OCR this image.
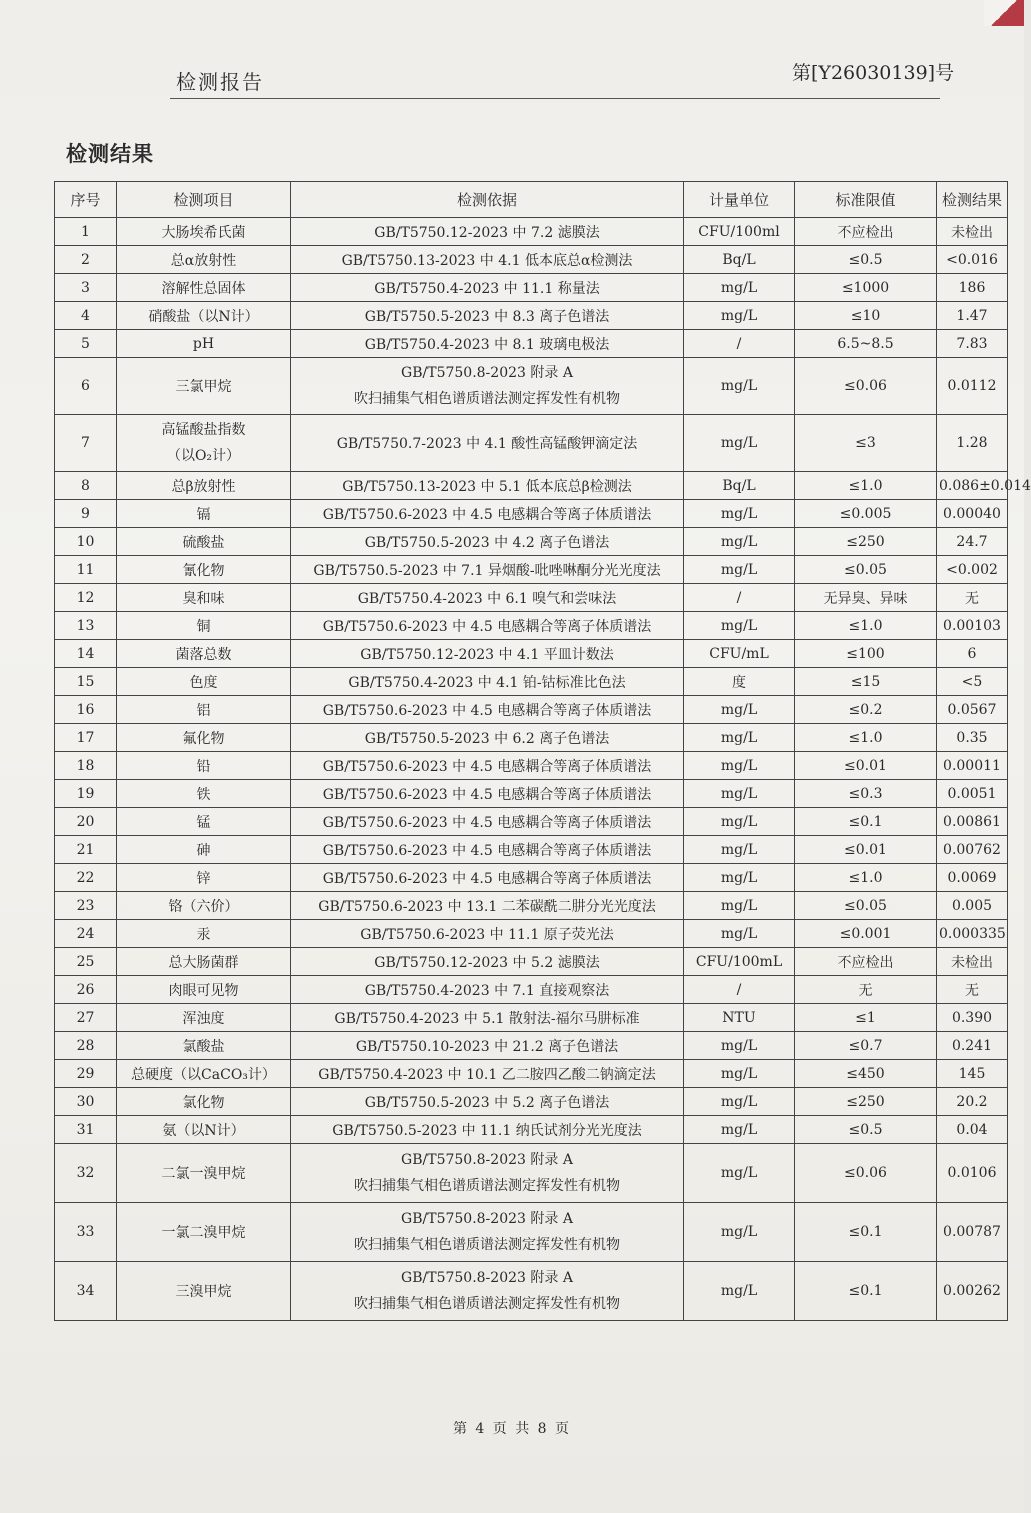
检测报告	第[Y26030139]号
检测结果
序号	检测项目	检测依据	计量单位	标准限值	检测结果
1	大肠埃希氏菌	GB/T5750.12-2023 中 7.2 滤膜法	CFU/100ml	不应检出	未检出
2	总α放射性	GB/T5750.13-2023 中 4.1 低本底总α检测法	Bq/L	≤0.5	<0.016
3	溶解性总固体	GB/T5750.4-2023 中 11.1 称量法	mg/L	≤1000	186
4	硝酸盐（以N计）	GB/T5750.5-2023 中 8.3 离子色谱法	mg/L	≤10	1.47
5	pH	GB/T5750.4-2023 中 8.1 玻璃电极法	/	6.5~8.5	7.83
6	三氯甲烷	GB/T5750.8-2023 附录 A
吹扫捕集气相色谱质谱法测定挥发性有机物	mg/L	≤0.06	0.0112
7	高锰酸盐指数
（以O₂计）	GB/T5750.7-2023 中 4.1 酸性高锰酸钾滴定法	mg/L	≤3	1.28
8	总β放射性	GB/T5750.13-2023 中 5.1 低本底总β检测法	Bq/L	≤1.0	0.086±0.014
9	镉	GB/T5750.6-2023 中 4.5 电感耦合等离子体质谱法	mg/L	≤0.005	0.00040
10	硫酸盐	GB/T5750.5-2023 中 4.2 离子色谱法	mg/L	≤250	24.7
11	氰化物	GB/T5750.5-2023 中 7.1 异烟酸-吡唑啉酮分光光度法	mg/L	≤0.05	<0.002
12	臭和味	GB/T5750.4-2023 中 6.1 嗅气和尝味法	/	无异臭、异味	无
13	铜	GB/T5750.6-2023 中 4.5 电感耦合等离子体质谱法	mg/L	≤1.0	0.00103
14	菌落总数	GB/T5750.12-2023 中 4.1 平皿计数法	CFU/mL	≤100	6
15	色度	GB/T5750.4-2023 中 4.1 铂-钴标准比色法	度	≤15	<5
16	铝	GB/T5750.6-2023 中 4.5 电感耦合等离子体质谱法	mg/L	≤0.2	0.0567
17	氟化物	GB/T5750.5-2023 中 6.2 离子色谱法	mg/L	≤1.0	0.35
18	铅	GB/T5750.6-2023 中 4.5 电感耦合等离子体质谱法	mg/L	≤0.01	0.00011
19	铁	GB/T5750.6-2023 中 4.5 电感耦合等离子体质谱法	mg/L	≤0.3	0.0051
20	锰	GB/T5750.6-2023 中 4.5 电感耦合等离子体质谱法	mg/L	≤0.1	0.00861
21	砷	GB/T5750.6-2023 中 4.5 电感耦合等离子体质谱法	mg/L	≤0.01	0.00762
22	锌	GB/T5750.6-2023 中 4.5 电感耦合等离子体质谱法	mg/L	≤1.0	0.0069
23	铬（六价）	GB/T5750.6-2023 中 13.1 二苯碳酰二肼分光光度法	mg/L	≤0.05	0.005
24	汞	GB/T5750.6-2023 中 11.1 原子荧光法	mg/L	≤0.001	0.000335
25	总大肠菌群	GB/T5750.12-2023 中 5.2 滤膜法	CFU/100mL	不应检出	未检出
26	肉眼可见物	GB/T5750.4-2023 中 7.1 直接观察法	/	无	无
27	浑浊度	GB/T5750.4-2023 中 5.1 散射法-福尔马肼标准	NTU	≤1	0.390
28	氯酸盐	GB/T5750.10-2023 中 21.2 离子色谱法	mg/L	≤0.7	0.241
29	总硬度（以CaCO₃计）	GB/T5750.4-2023 中 10.1 乙二胺四乙酸二钠滴定法	mg/L	≤450	145
30	氯化物	GB/T5750.5-2023 中 5.2 离子色谱法	mg/L	≤250	20.2
31	氨（以N计）	GB/T5750.5-2023 中 11.1 纳氏试剂分光光度法	mg/L	≤0.5	0.04
32	二氯一溴甲烷	GB/T5750.8-2023 附录 A
吹扫捕集气相色谱质谱法测定挥发性有机物	mg/L	≤0.06	0.0106
33	一氯二溴甲烷	GB/T5750.8-2023 附录 A
吹扫捕集气相色谱质谱法测定挥发性有机物	mg/L	≤0.1	0.00787
34	三溴甲烷	GB/T5750.8-2023 附录 A
吹扫捕集气相色谱质谱法测定挥发性有机物	mg/L	≤0.1	0.00262
第 4 页 共 8 页
